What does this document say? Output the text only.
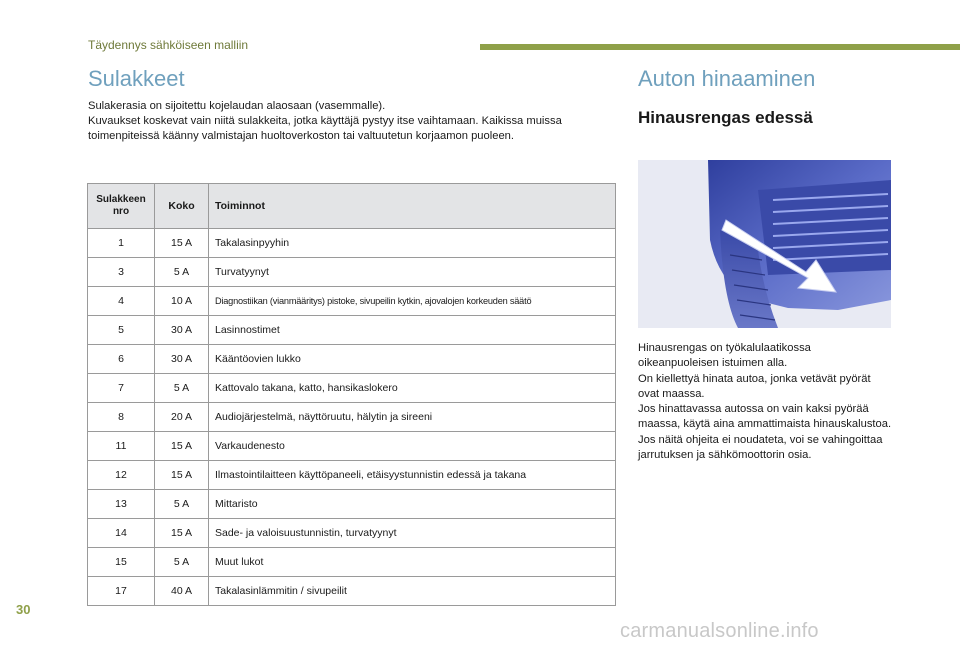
Täydennys sähköiseen malliin
Sulakkeet

Sulakerasia on sijoitettu kojelaudan alaosaan (vasemmalle).

Kuvaukset koskevat vain niitä sulakkeita, jotka käyttäjä pystyy itse vaihtamaan. Kaikissa muissa toimenpiteissä käänny valmistajan huoltoverkoston tai valtuutetun korjaamon puoleen.

Sulakkeen nro	Koko	Toiminnot
1	15 A	Takalasinpyyhin
3	5 A	Turvatyynyt
4	10 A	Diagnostiikan (vianmääritys) pistoke, sivupeilin kytkin, ajovalojen korkeuden säätö
5	30 A	Lasinnostimet
6	30 A	Kääntöovien lukko
7	5 A	Kattovalo takana, katto, hansikaslokero
8	20 A	Audiojärjestelmä, näyttöruutu, hälytin ja sireeni
11	15 A	Varkaudenesto
12	15 A	Ilmastointilaitteen käyttöpaneeli, etäisyystunnistin edessä ja takana
13	5 A	Mittaristo
14	15 A	Sade- ja valoisuustunnistin, turvatyynyt
15	5 A	Muut lukot
17	40 A	Takalasinlämmitin / sivupeilit
Auton hinaaminen
Hinausrengas edessä

Hinausrengas on työkalulaatikossa oikeanpuoleisen istuimen alla.

On kiellettyä hinata autoa, jonka vetävät pyörät ovat maassa.

Jos hinattavassa autossa on vain kaksi pyörää maassa, käytä aina ammattimaista hinauskalustoa.

Jos näitä ohjeita ei noudateta, voi se vahingoittaa jarrutuksen ja sähkömoottorin osia.

30
carmanualsonline.info
